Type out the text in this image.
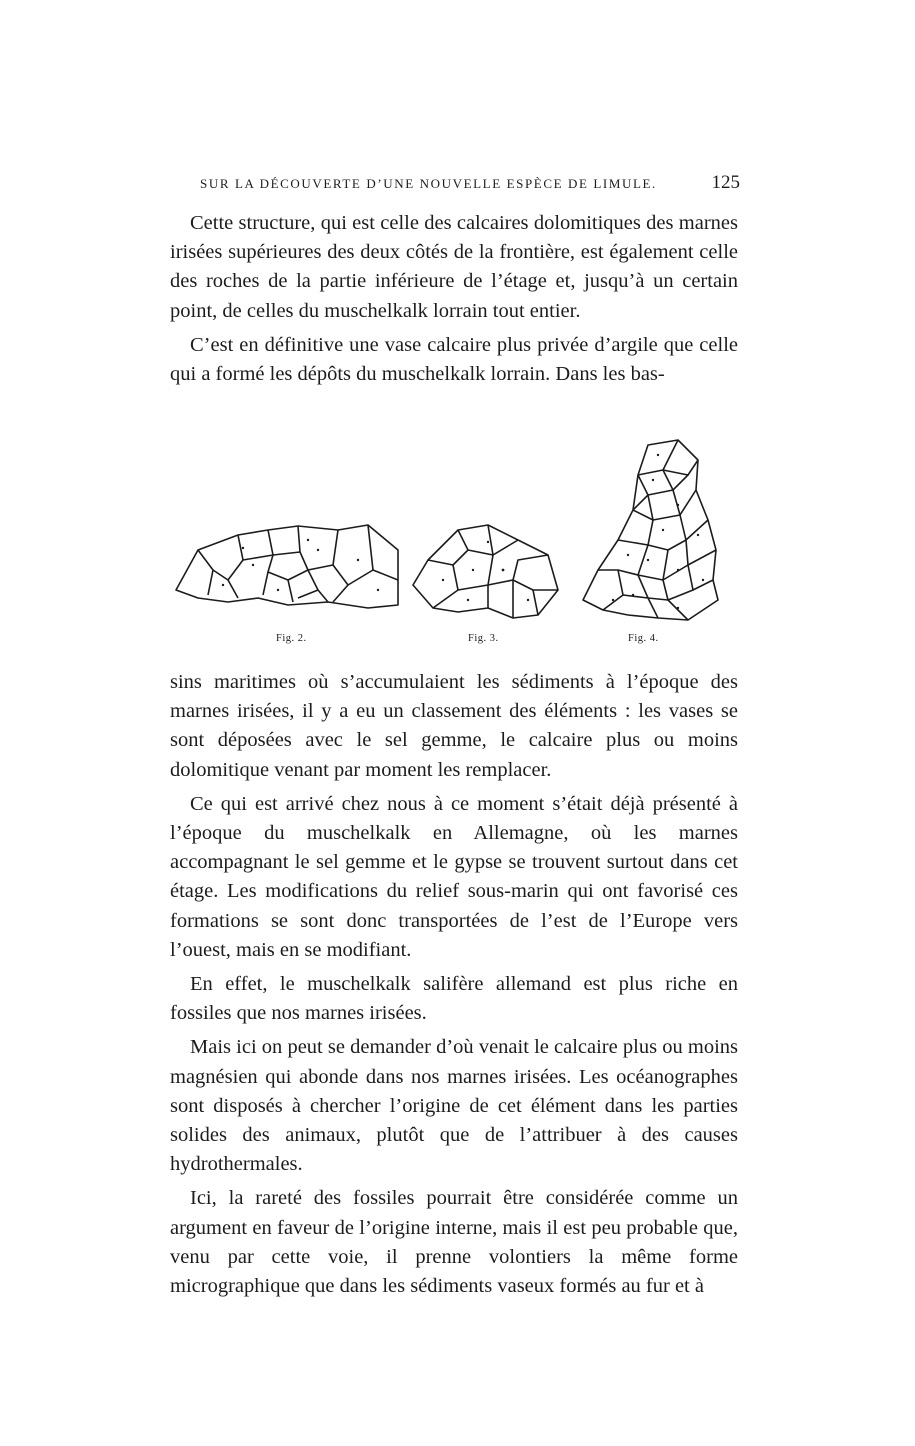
SUR LA DÉCOUVERTE D’UNE NOUVELLE ESPÈCE DE LIMULE.	125

Cette structure, qui est celle des calcaires dolomitiques des marnes irisées supérieures des deux côtés de la frontière, est également celle des roches de la partie inférieure de l’étage et, jusqu’à un certain point, de celles du muschelkalk lorrain tout entier.

C’est en définitive une vase calcaire plus privée d’argile que celle qui a formé les dépôts du muschelkalk lorrain. Dans les bas-

Fig. 2.	Fig. 3.	Fig. 4.

sins maritimes où s’accumulaient les sédiments à l’époque des marnes irisées, il y a eu un classement des éléments : les vases se sont déposées avec le sel gemme, le calcaire plus ou moins dolomitique venant par moment les remplacer.

Ce qui est arrivé chez nous à ce moment s’était déjà présenté à l’époque du muschelkalk en Allemagne, où les marnes accompagnant le sel gemme et le gypse se trouvent surtout dans cet étage. Les modifications du relief sous-marin qui ont favorisé ces formations se sont donc transportées de l’est de l’Europe vers l’ouest, mais en se modifiant.

En effet, le muschelkalk salifère allemand est plus riche en fossiles que nos marnes irisées.

Mais ici on peut se demander d’où venait le calcaire plus ou moins magnésien qui abonde dans nos marnes irisées. Les océanographes sont disposés à chercher l’origine de cet élément dans les parties solides des animaux, plutôt que de l’attribuer à des causes hydrothermales.

Ici, la rareté des fossiles pourrait être considérée comme un argument en faveur de l’origine interne, mais il est peu probable que, venu par cette voie, il prenne volontiers la même forme micrographique que dans les sédiments vaseux formés au fur et à
